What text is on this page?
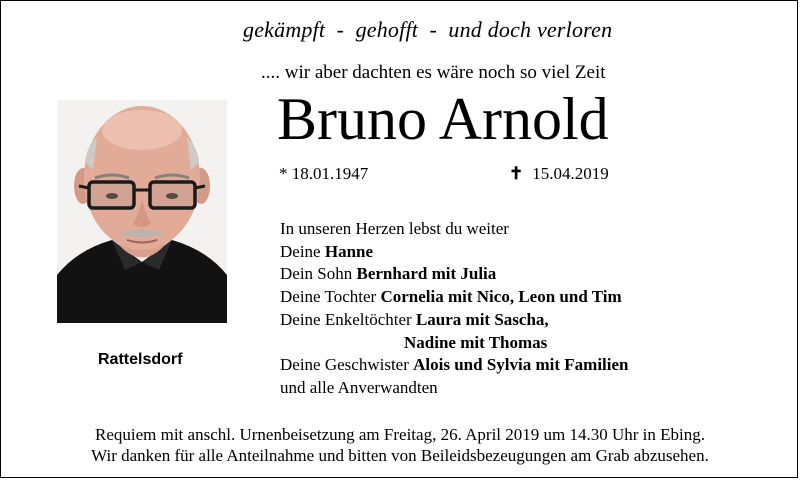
gekämpft  -  gehofft  -  und doch verloren
.... wir aber dachten es wäre noch so viel Zeit
Bruno Arnold
* 18.01.1947	✝ 15.04.2019
Rattelsdorf
In unseren Herzen lebst du weiter
Deine Hanne
Dein Sohn Bernhard mit Julia
Deine Tochter Cornelia mit Nico, Leon und Tim
Deine Enkeltöchter Laura mit Sascha,
Nadine mit Thomas
Deine Geschwister Alois und Sylvia mit Familien
und alle Anverwandten
Requiem mit anschl. Urnenbeisetzung am Freitag, 26. April 2019 um 14.30 Uhr in Ebing.
Wir danken für alle Anteilnahme und bitten von Beileidsbezeugungen am Grab abzusehen.
